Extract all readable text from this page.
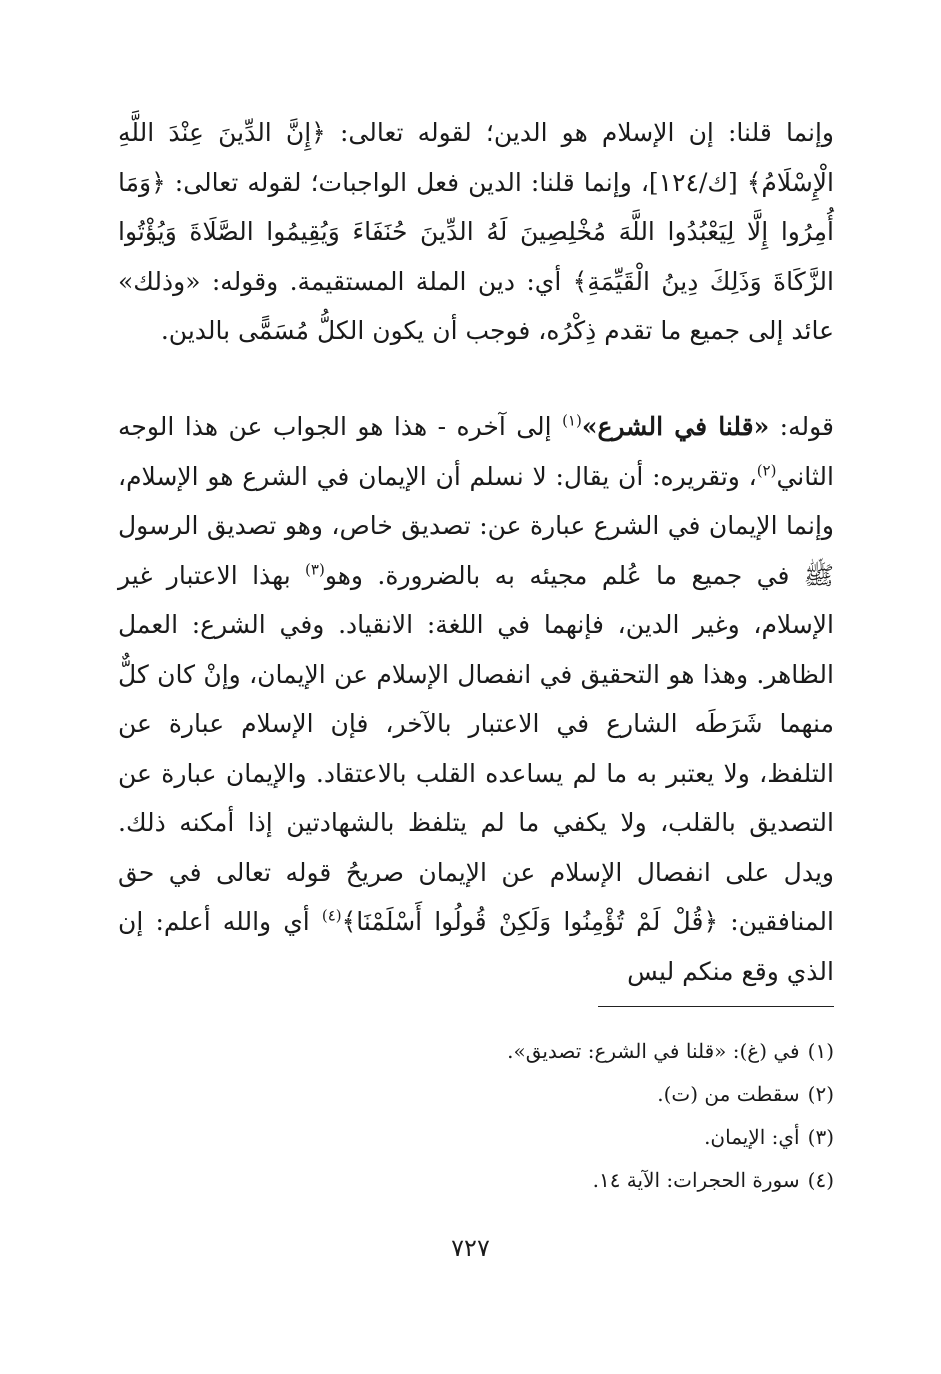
وإنما قلنا: إن الإسلام هو الدين؛ لقوله تعالى: ﴿إِنَّ الدِّينَ عِنْدَ اللَّهِ الْإِسْلَامُ﴾ [ك/١٢٤]، وإنما قلنا: الدين فعل الواجبات؛ لقوله تعالى: ﴿وَمَا أُمِرُوا إِلَّا لِيَعْبُدُوا اللَّهَ مُخْلِصِينَ لَهُ الدِّينَ حُنَفَاءَ وَيُقِيمُوا الصَّلَاةَ وَيُؤْتُوا الزَّكَاةَ وَذَلِكَ دِينُ الْقَيِّمَةِ﴾ أي: دين الملة المستقيمة. وقوله: «وذلك» عائد إلى جميع ما تقدم ذِكْرُه، فوجب أن يكون الكلُّ مُسَمًّى بالدين.

قوله: «قلنا في الشرع»$^{(١)}$ إلى آخره - هذا هو الجواب عن هذا الوجه الثاني$^{(٢)}$، وتقريره: أن يقال: لا نسلم أن الإيمان في الشرع هو الإسلام، وإنما الإيمان في الشرع عبارة عن: تصديق خاص، وهو تصديق الرسول ﷺ في جميع ما عُلم مجيئه به بالضرورة. وهو$^{(٣)}$ بهذا الاعتبار غير الإسلام، وغير الدين، فإنهما في اللغة: الانقياد. وفي الشرع: العمل الظاهر. وهذا هو التحقيق في انفصال الإسلام عن الإيمان، وإنْ كان كلٌّ منهما شَرَطَه الشارع في الاعتبار بالآخر، فإن الإسلام عبارة عن التلفظ، ولا يعتبر به ما لم يساعده القلب بالاعتقاد. والإيمان عبارة عن التصديق بالقلب، ولا يكفي ما لم يتلفظ بالشهادتين إذا أمكنه ذلك. ويدل على انفصال الإسلام عن الإيمان صريحُ قوله تعالى في حق المنافقين: ﴿قُلْ لَمْ تُؤْمِنُوا وَلَكِنْ قُولُوا أَسْلَمْنَا﴾$^{(٤)}$ أي والله أعلم: إن الذي وقع منكم ليس

(١)في (غ): «قلنا في الشرع: تصديق».
(٢)سقطت من (ت).
(٣)أي: الإيمان.
(٤)سورة الحجرات: الآية ١٤.
٧٢٧
